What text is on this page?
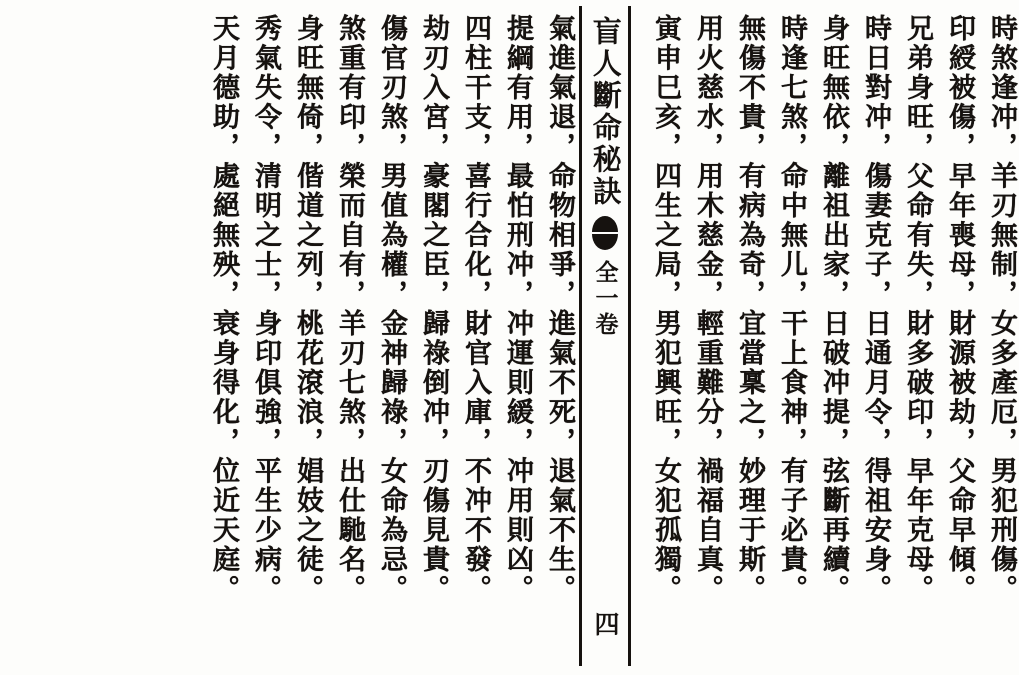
時煞逢冲，羊刃無制，女多產厄，男犯刑傷。
印綬被傷，早年喪母，財源被劫，父命早傾。
兄弟身旺，父命有失，財多破印，早年克母。
時日對冲，傷妻克子，日通月令，得祖安身。
身旺無依，離祖出家，日破冲提，弦斷再續。
時逢七煞，命中無儿，干上食神，有子必貴。
無傷不貴，有病為奇，宜當稟之，妙理于斯。
用火慈水，用木慈金，輕重難分，禍福自真。
寅申巳亥，四生之局，男犯興旺，女犯孤獨。
盲人斷命秘訣
全一卷
四
氣進氣退，命物相爭，進氣不死，退氣不生。
提綱有用，最怕刑冲，冲運則緩，冲用則凶。
四柱干支，喜行合化，財官入庫，不冲不發。
劫刃入宮，豪閣之臣，歸祿倒冲，刃傷見貴。
傷官刃煞，男值為權，金神歸祿，女命為忌。
煞重有印，榮而自有，羊刃七煞，出仕馳名。
身旺無倚，偕道之列，桃花滾浪，娼妓之徒。
秀氣失令，清明之士，身印俱強，平生少病。
天月德助，處絕無殃，衰身得化，位近天庭。
